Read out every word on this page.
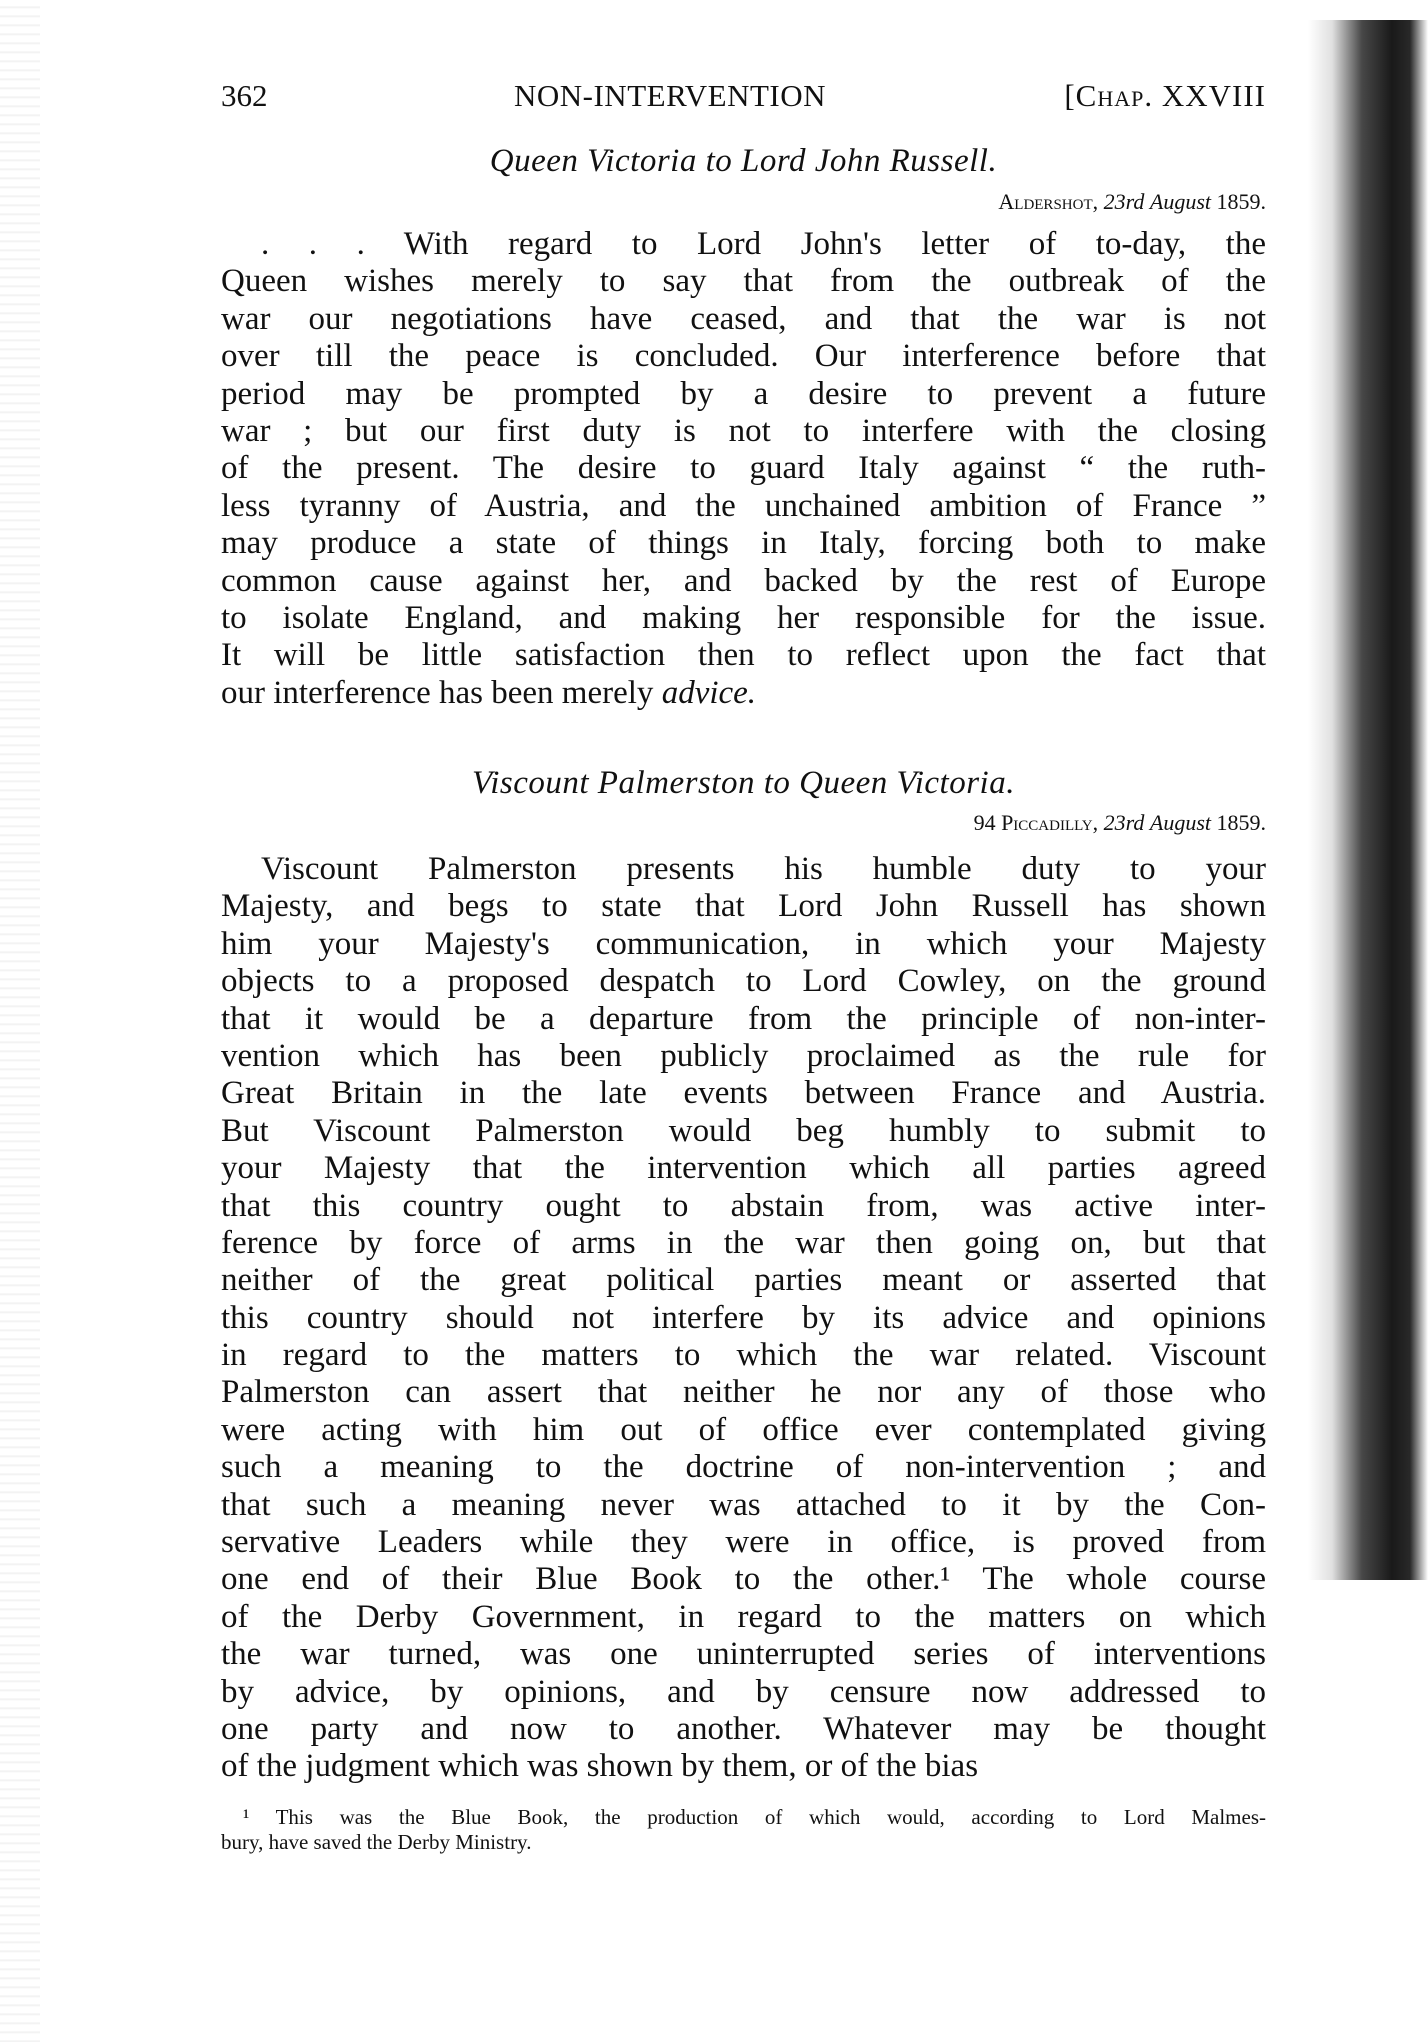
362	NON-INTERVENTION	[Chap. XXVIII
Queen Victoria to Lord John Russell.
Aldershot, 23rd August 1859.
. . . With regard to Lord John's letter of to-day, the
Queen wishes merely to say that from the outbreak of the
war our negotiations have ceased, and that the war is not
over till the peace is concluded. Our interference before that
period may be prompted by a desire to prevent a future
war ; but our first duty is not to interfere with the closing
of the present. The desire to guard Italy against “ the ruth-
less tyranny of Austria, and the unchained ambition of France ”
may produce a state of things in Italy, forcing both to make
common cause against her, and backed by the rest of Europe
to isolate England, and making her responsible for the issue.
It will be little satisfaction then to reflect upon the fact that
our interference has been merely advice.
Viscount Palmerston to Queen Victoria.
94 Piccadilly, 23rd August 1859.
Viscount Palmerston presents his humble duty to your
Majesty, and begs to state that Lord John Russell has shown
him your Majesty's communication, in which your Majesty
objects to a proposed despatch to Lord Cowley, on the ground
that it would be a departure from the principle of non-inter-
vention which has been publicly proclaimed as the rule for
Great Britain in the late events between France and Austria.
But Viscount Palmerston would beg humbly to submit to
your Majesty that the intervention which all parties agreed
that this country ought to abstain from, was active inter-
ference by force of arms in the war then going on, but that
neither of the great political parties meant or asserted that
this country should not interfere by its advice and opinions
in regard to the matters to which the war related. Viscount
Palmerston can assert that neither he nor any of those who
were acting with him out of office ever contemplated giving
such a meaning to the doctrine of non-intervention ; and
that such a meaning never was attached to it by the Con-
servative Leaders while they were in office, is proved from
one end of their Blue Book to the other.¹ The whole course
of the Derby Government, in regard to the matters on which
the war turned, was one uninterrupted series of interventions
by advice, by opinions, and by censure now addressed to
one party and now to another. Whatever may be thought
of the judgment which was shown by them, or of the bias
¹ This was the Blue Book, the production of which would, according to Lord Malmes-
bury, have saved the Derby Ministry.
